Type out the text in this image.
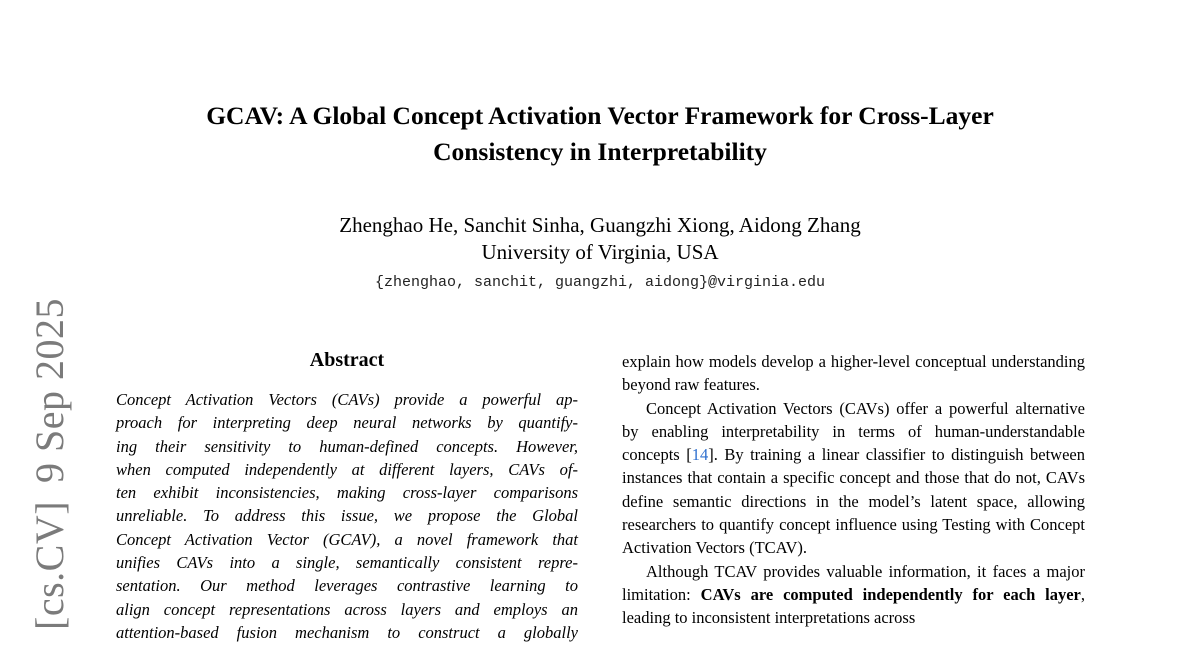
[cs.CV]9 Sep 2025
GCAV: A Global Concept Activation Vector Framework for Cross-Layer
Consistency in Interpretability
Zhenghao He, Sanchit Sinha, Guangzhi Xiong, Aidong Zhang
University of Virginia, USA
{zhenghao, sanchit, guangzhi, aidong}@virginia.edu
Abstract

Concept Activation Vectors (CAVs) provide a powerful ap-

proach for interpreting deep neural networks by quantify-

ing their sensitivity to human-defined concepts. However,

when computed independently at different layers, CAVs of-

ten exhibit inconsistencies, making cross-layer comparisons

unreliable. To address this issue, we propose the Global

Concept Activation Vector (GCAV), a novel framework that

unifies CAVs into a single, semantically consistent repre-

sentation. Our method leverages contrastive learning to

align concept representations across layers and employs an

attention-based fusion mechanism to construct a globally

explain how models develop a higher-level conceptual understanding beyond raw features.

Concept Activation Vectors (CAVs) offer a powerful alternative by enabling interpretability in terms of human-understandable concepts [14]. By training a linear classifier to distinguish between instances that contain a specific concept and those that do not, CAVs define semantic directions in the model’s latent space, allowing researchers to quantify concept influence using Testing with Concept Activation Vectors (TCAV).

Although TCAV provides valuable information, it faces a major limitation: CAVs are computed independently for each layer, leading to inconsistent interpretations across
